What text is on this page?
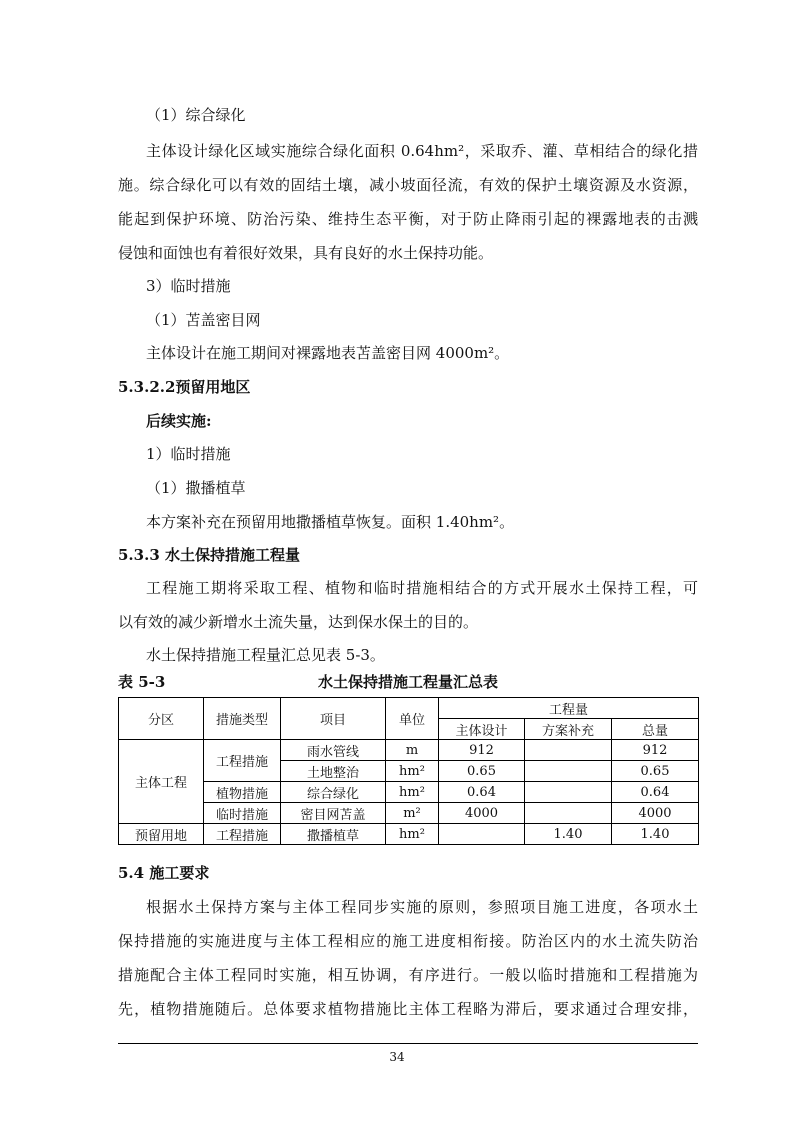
（1）综合绿化
主体设计绿化区域实施综合绿化面积 0.64hm²，采取乔、灌、草相结合的绿化措
施。综合绿化可以有效的固结土壤，减小坡面径流，有效的保护土壤资源及水资源，
能起到保护环境、防治污染、维持生态平衡，对于防止降雨引起的裸露地表的击溅
侵蚀和面蚀也有着很好效果，具有良好的水土保持功能。
3）临时措施
（1）苫盖密目网
主体设计在施工期间对裸露地表苫盖密目网 4000m²。
5.3.2.2预留用地区
后续实施:
1）临时措施
（1）撒播植草
本方案补充在预留用地撒播植草恢复。面积 1.40hm²。
5.3.3 水土保持措施工程量
工程施工期将采取工程、植物和临时措施相结合的方式开展水土保持工程，可
以有效的减少新增水土流失量，达到保水保土的目的。
水土保持措施工程量汇总见表 5-3。
表 5-3	水土保持措施工程量汇总表
分区	措施类型	项目	单位	工程量		
				主体设计	方案补充	总量
主体工程	工程措施	雨水管线	m	912		912
		土地整治	hm²	0.65		0.65
	植物措施	综合绿化	hm²	0.64		0.64
	临时措施	密目网苫盖	m²	4000		4000
预留用地	工程措施	撒播植草	hm²		1.40	1.40
5.4 施工要求
根据水土保持方案与主体工程同步实施的原则，参照项目施工进度，各项水土
保持措施的实施进度与主体工程相应的施工进度相衔接。防治区内的水土流失防治
措施配合主体工程同时实施，相互协调，有序进行。一般以临时措施和工程措施为
先，植物措施随后。总体要求植物措施比主体工程略为滞后，要求通过合理安排，
34
